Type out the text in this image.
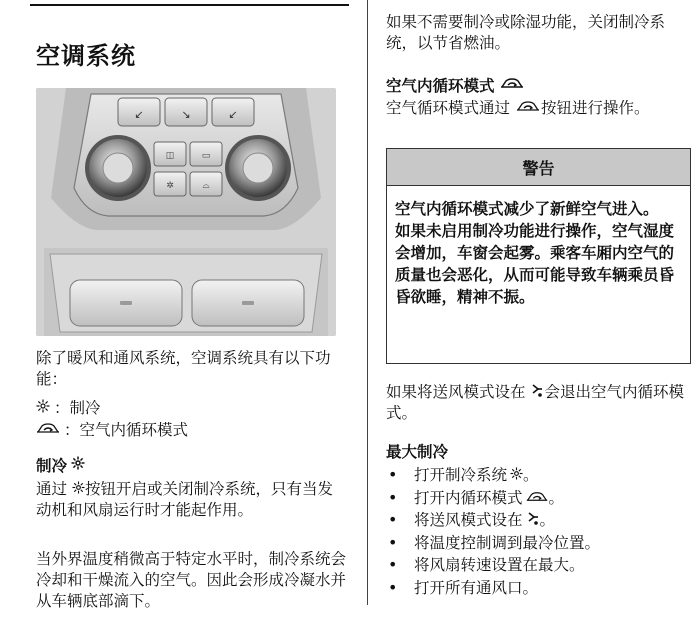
空调系统
↙	↘	↙
◫	▭
✲	⌓
除了暖风和通风系统，空调系统具有以下功能：
：制冷
：空气内循环模式
制冷
通过 按钮开启或关闭制冷系统，只有当发动机和风扇运行时才能起作用。
当外界温度稍微高于特定水平时，制冷系统会冷却和干燥流入的空气。因此会形成冷凝水并从车辆底部滴下。
如果不需要制冷或除湿功能，关闭制冷系统，以节省燃油。
空气内循环模式
空气循环模式通过 按钮进行操作。
警告
空气内循环模式减少了新鲜空气进入。
如果未启用制冷功能进行操作，空气湿度会增加，车窗会起雾。乘客车厢内空气的质量也会恶化，从而可能导致车辆乘员昏昏欲睡，精神不振。
如果将送风模式设在 会退出空气内循环模式。
最大制冷
• 打开制冷系统 。
• 打开内循环模式 。
• 将送风模式设在 。
• 将温度控制调到最冷位置。
• 将风扇转速设置在最大。
• 打开所有通风口。
